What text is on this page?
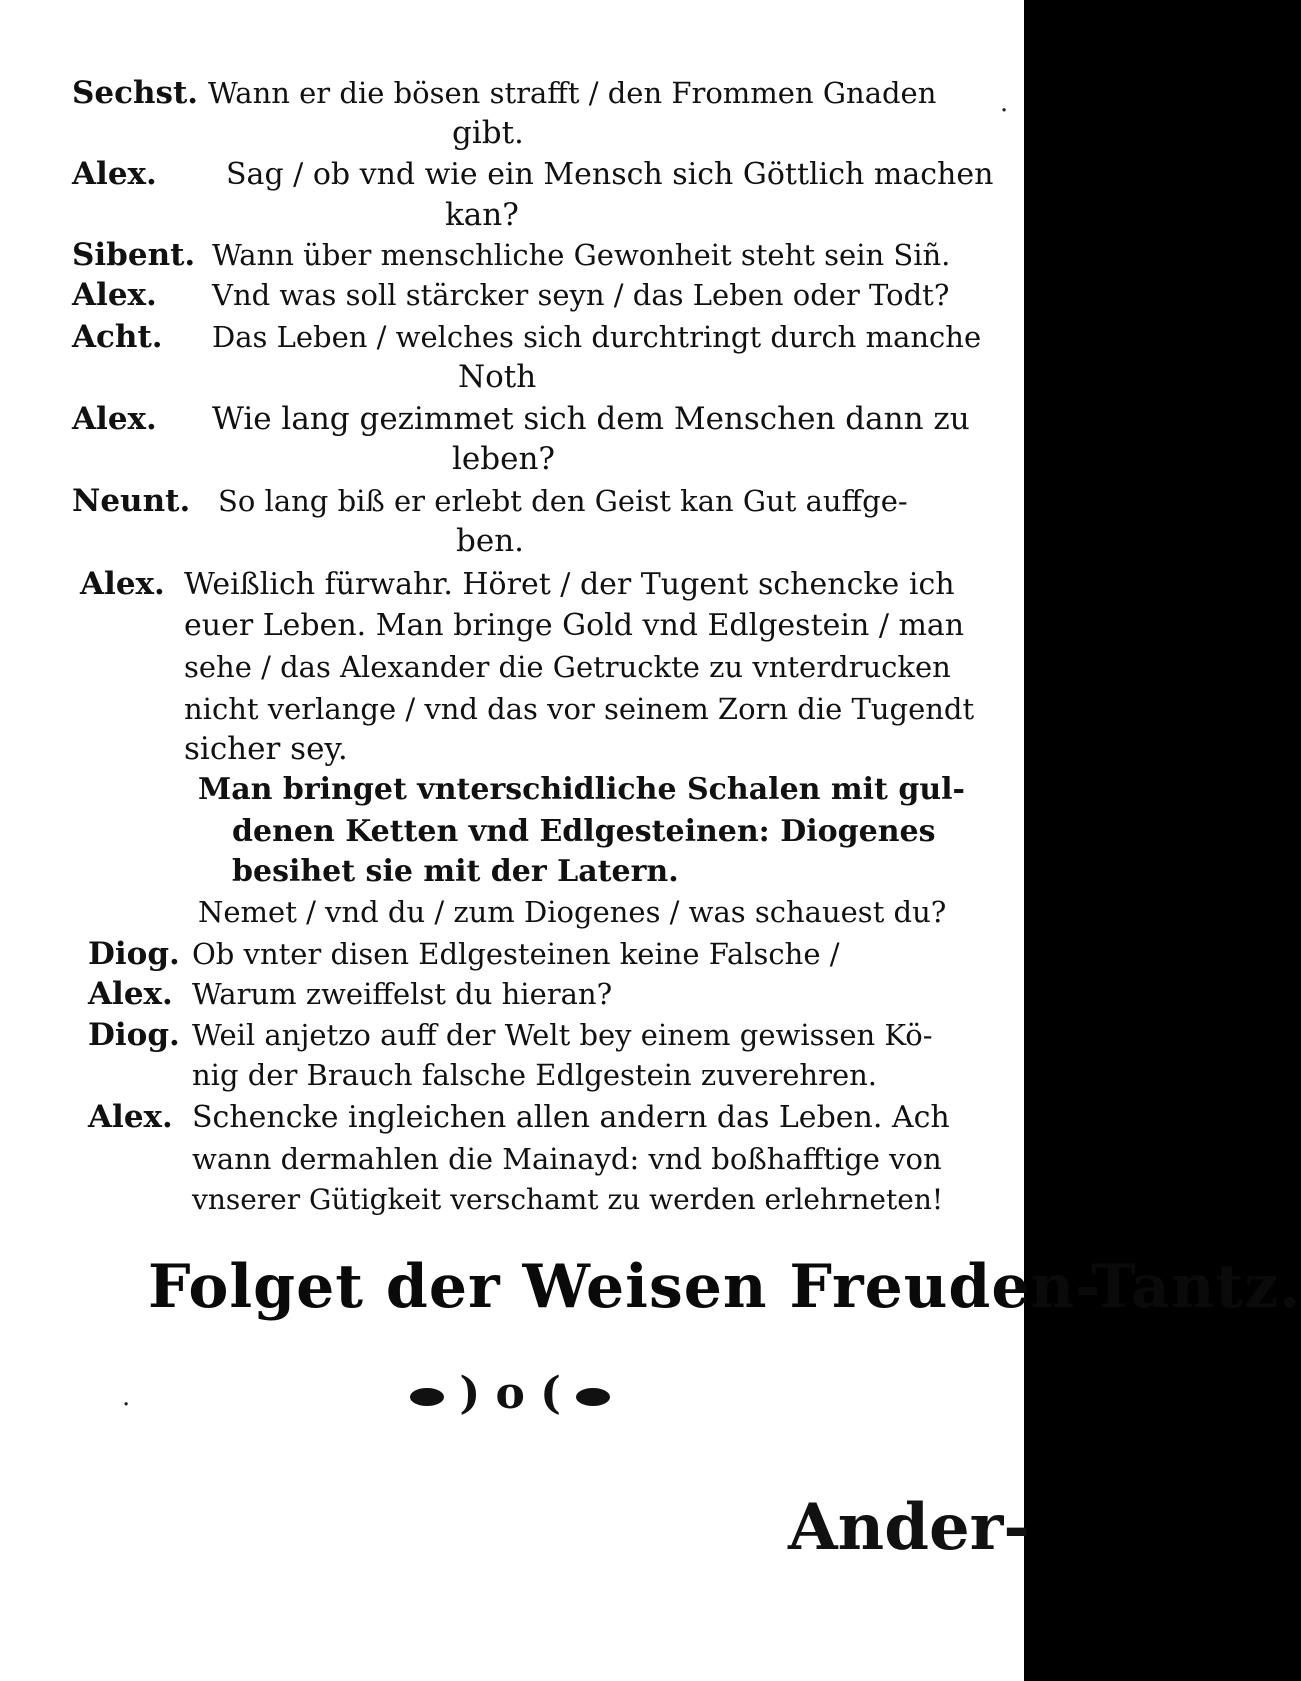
Sechst. Wann er die bösen strafft / den Frommen Gnaden
gibt.
Alex. Sag / ob vnd wie ein Mensch sich Göttlich machen
kan?
Sibent. Wann über menschliche Gewonheit steht sein Siñ.
Alex. Vnd was soll stärcker seyn / das Leben oder Todt?
Acht. Das Leben / welches sich durchtringt durch manche
Noth
Alex. Wie lang gezimmet sich dem Menschen dann zu
leben?
Neunt. So lang biß er erlebt den Geist kan Gut auffge-
ben.
Alex. Weißlich fürwahr. Höret / der Tugent schencke ich
euer Leben. Man bringe Gold vnd Edlgestein / man
sehe / das Alexander die Getruckte zu vnterdrucken
nicht verlange / vnd das vor seinem Zorn die Tugendt
sicher sey.
Man bringet vnterschidliche Schalen mit gul-
denen Ketten vnd Edlgesteinen: Diogenes
besihet sie mit der Latern.
Nemet / vnd du / zum Diogenes / was schauest du?
Diog. Ob vnter disen Edlgesteinen keine Falsche /
Alex. Warum zweiffelst du hieran?
Diog. Weil anjetzo auff der Welt bey einem gewissen Kö-
nig der Brauch falsche Edlgestein zuverehren.
Alex. Schencke ingleichen allen andern das Leben. Ach
wann dermahlen die Mainayd: vnd boßhafftige von
vnserer Gütigkeit verschamt zu werden erlehrneten!
Folget der Weisen Freuden-Tantz.
) o (
Ander-
·
·
